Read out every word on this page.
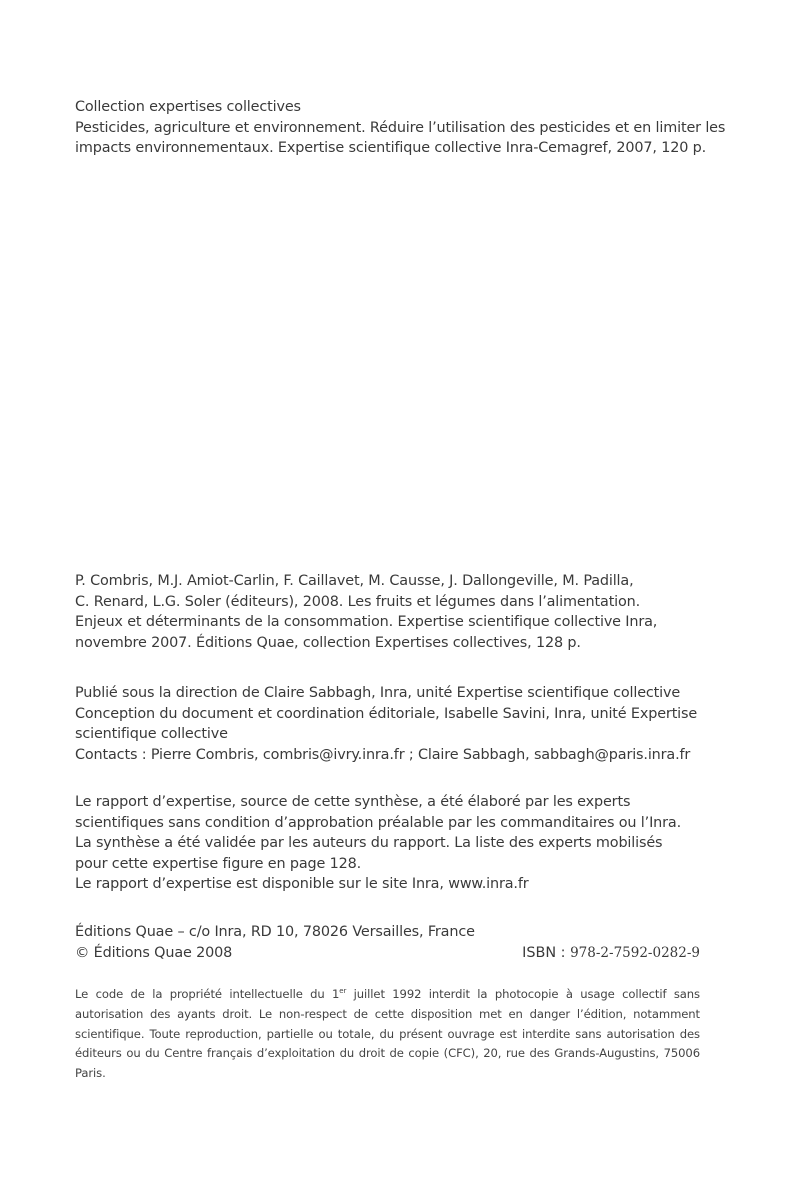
Collection expertises collectives
Pesticides, agriculture et environnement. Réduire l’utilisation des pesticides et en limiter les
impacts environnementaux. Expertise scientifique collective Inra-Cemagref, 2007, 120 p.
P. Combris, M.J. Amiot-Carlin, F. Caillavet, M. Causse, J. Dallongeville, M. Padilla,
C. Renard, L.G. Soler (éditeurs), 2008. Les fruits et légumes dans l’alimentation.
Enjeux et déterminants de la consommation. Expertise scientifique collective Inra,
novembre 2007. Éditions Quae, collection Expertises collectives, 128 p.
Publié sous la direction de Claire Sabbagh, Inra, unité Expertise scientifique collective
Conception du document et coordination éditoriale, Isabelle Savini, Inra, unité Expertise
scientifique collective
Contacts : Pierre Combris, combris@ivry.inra.fr ; Claire Sabbagh, sabbagh@paris.inra.fr
Le rapport d’expertise, source de cette synthèse, a été élaboré par les experts
scientifiques sans condition d’approbation préalable par les commanditaires ou l’Inra.
La synthèse a été validée par les auteurs du rapport. La liste des experts mobilisés
pour cette expertise figure en page 128.
Le rapport d’expertise est disponible sur le site Inra, www.inra.fr
Éditions Quae – c/o Inra, RD 10, 78026 Versailles, France
© Éditions Quae 2008	ISBN : 978-2-7592-0282-9
Le code de la propriété intellectuelle du 1er juillet 1992 interdit la photocopie à usage collectif sans autorisation des ayants droit. Le non-respect de cette disposition met en danger l’édition, notamment scientifique. Toute reproduction, partielle ou totale, du présent ouvrage est interdite sans autorisation des éditeurs ou du Centre français d’exploitation du droit de copie (CFC), 20, rue des Grands-Augustins, 75006 Paris.
